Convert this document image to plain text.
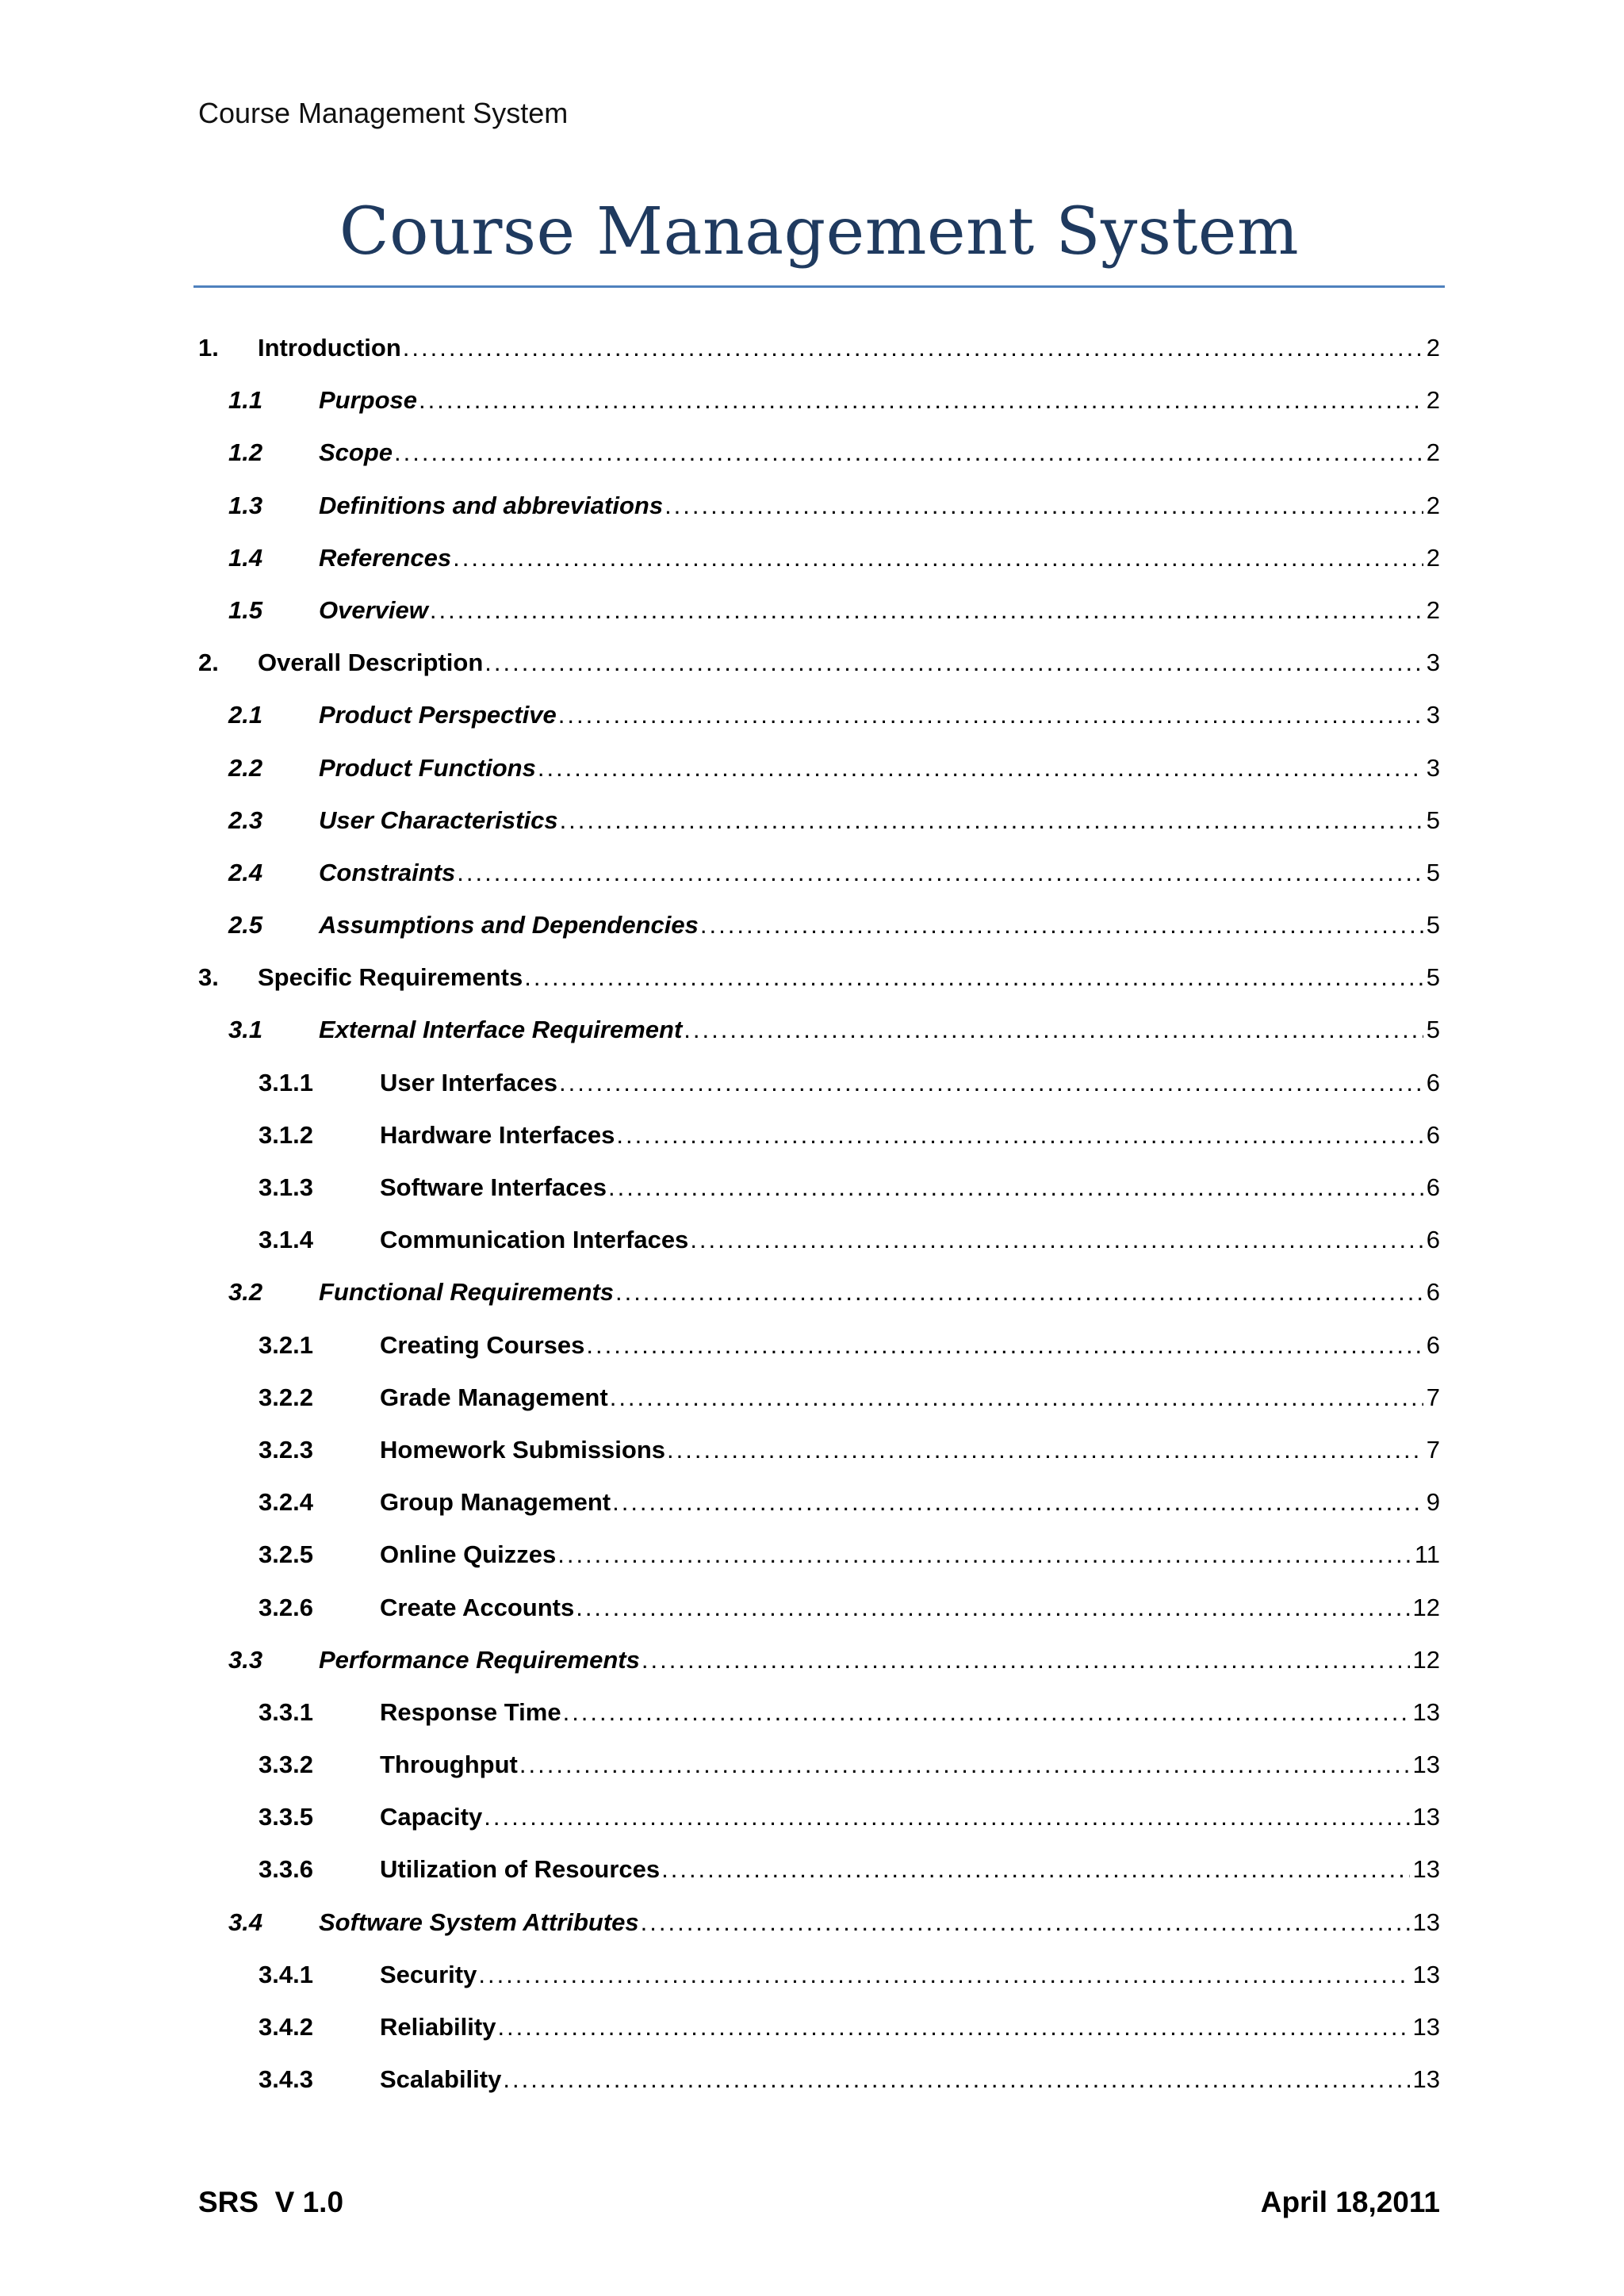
Course Management System
Course Management System
1.	Introduction .....	2
1.1	Purpose .....	2
1.2	Scope .....	2
1.3	Definitions and abbreviations .....	2
1.4	References .....	2
1.5	Overview .....	2
2.	Overall Description .....	3
2.1	Product Perspective .....	3
2.2	Product Functions .....	3
2.3	User Characteristics .....	5
2.4	Constraints .....	5
2.5	Assumptions and Dependencies .....	5
3.	Specific Requirements .....	5
3.1	External Interface Requirement .....	5
3.1.1	User Interfaces .....	6
3.1.2	Hardware Interfaces .....	6
3.1.3	Software Interfaces .....	6
3.1.4	Communication Interfaces .....	6
3.2	Functional Requirements .....	6
3.2.1	Creating Courses .....	6
3.2.2	Grade Management .....	7
3.2.3	Homework Submissions .....	7
3.2.4	Group Management .....	9
3.2.5	Online Quizzes .....	11
3.2.6	Create Accounts .....	12
3.3	Performance Requirements .....	12
3.3.1	Response Time .....	13
3.3.2	Throughput .....	13
3.3.5	Capacity .....	13
3.3.6	Utilization of Resources .....	13
3.4	Software System Attributes .....	13
3.4.1	Security .....	13
3.4.2	Reliability .....	13
3.4.3	Scalability .....	13
SRS  V 1.0	April 18,2011
